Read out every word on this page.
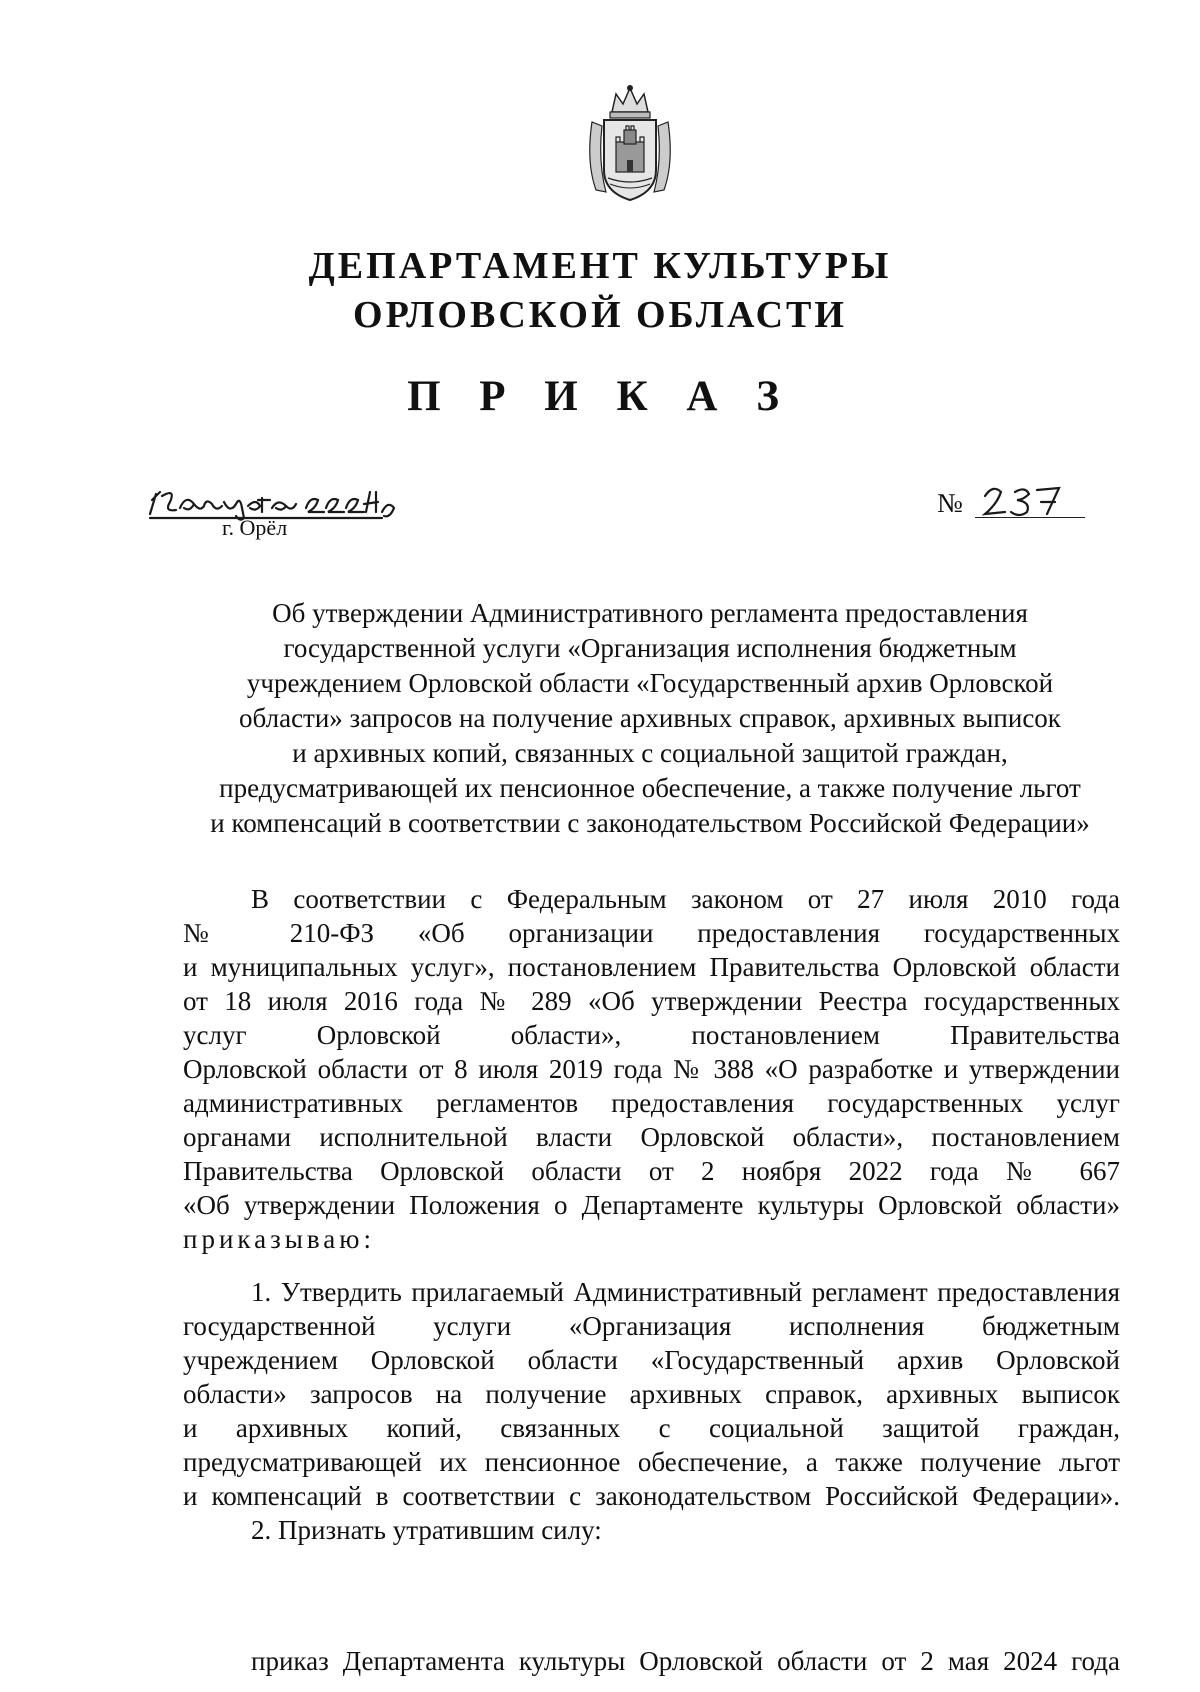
ДЕПАРТАМЕНТ КУЛЬТУРЫ
ОРЛОВСКОЙ ОБЛАСТИ
П Р И К А З
г. Орёл
№
Об утверждении Административного регламента предоставления
государственной услуги «Организация исполнения бюджетным
учреждением Орловской области «Государственный архив Орловской
области» запросов на получение архивных справок, архивных выписок
и архивных копий, связанных с социальной защитой граждан,
предусматривающей их пенсионное обеспечение, а также получение льгот
и компенсаций в соответствии с законодательством Российской Федерации»
В соответствии с Федеральным законом от 27 июля 2010 года
№ 210-ФЗ «Об организации предоставления государственных
и муниципальных услуг», постановлением Правительства Орловской области
от 18 июля 2016 года № 289 «Об утверждении Реестра государственных
услуг Орловской области», постановлением Правительства
Орловской области от 8 июля 2019 года № 388 «О разработке и утверждении
административных регламентов предоставления государственных услуг
органами исполнительной власти Орловской области», постановлением
Правительства Орловской области от 2 ноября 2022 года № 667
«Об утверждении Положения о Департаменте культуры Орловской области»
приказываю:
1. Утвердить прилагаемый Административный регламент предоставления
государственной услуги «Организация исполнения бюджетным
учреждением Орловской области «Государственный архив Орловской
области» запросов на получение архивных справок, архивных выписок
и архивных копий, связанных с социальной защитой граждан,
предусматривающей их пенсионное обеспечение, а также получение льгот
и компенсаций в соответствии с законодательством Российской Федерации».
2. Признать утратившим силу:
приказ Департамента культуры Орловской области от 2 мая 2024 года
